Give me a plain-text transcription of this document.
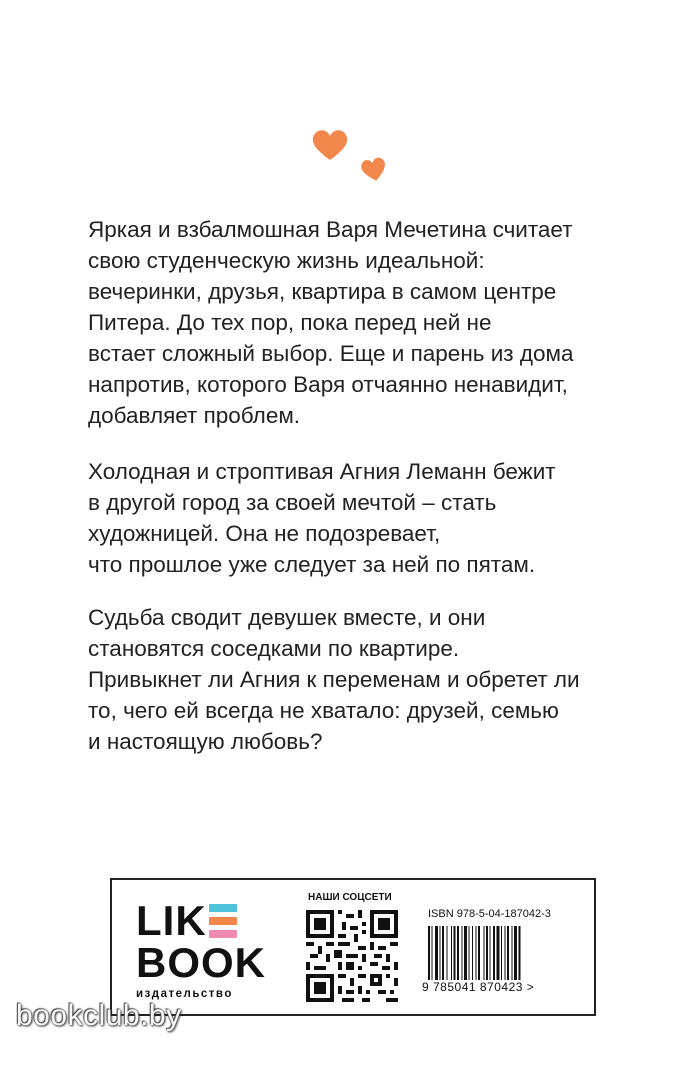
Яркая и взбалмошная Варя Мечетина считает
свою студенческую жизнь идеальной:
вечеринки, друзья, квартира в самом центре
Питера. До тех пор, пока перед ней не
встает сложный выбор. Еще и парень из дома
напротив, которого Варя отчаянно ненавидит,
добавляет проблем.

Холодная и строптивая Агния Леманн бежит
в другой город за своей мечтой – стать
художницей. Она не подозревает,
что прошлое уже следует за ней по пятам.

Судьба сводит девушек вместе, и они
становятся соседками по квартире.
Привыкнет ли Агния к переменам и обретет ли
то, чего ей всегда не хватало: друзей, семью
и настоящую любовь?

LIK
BOOK
издательство
НАШИ СОЦСЕТИ
ISBN 978-5-04-187042-3
9 785041 870423 >
bookclub.by
